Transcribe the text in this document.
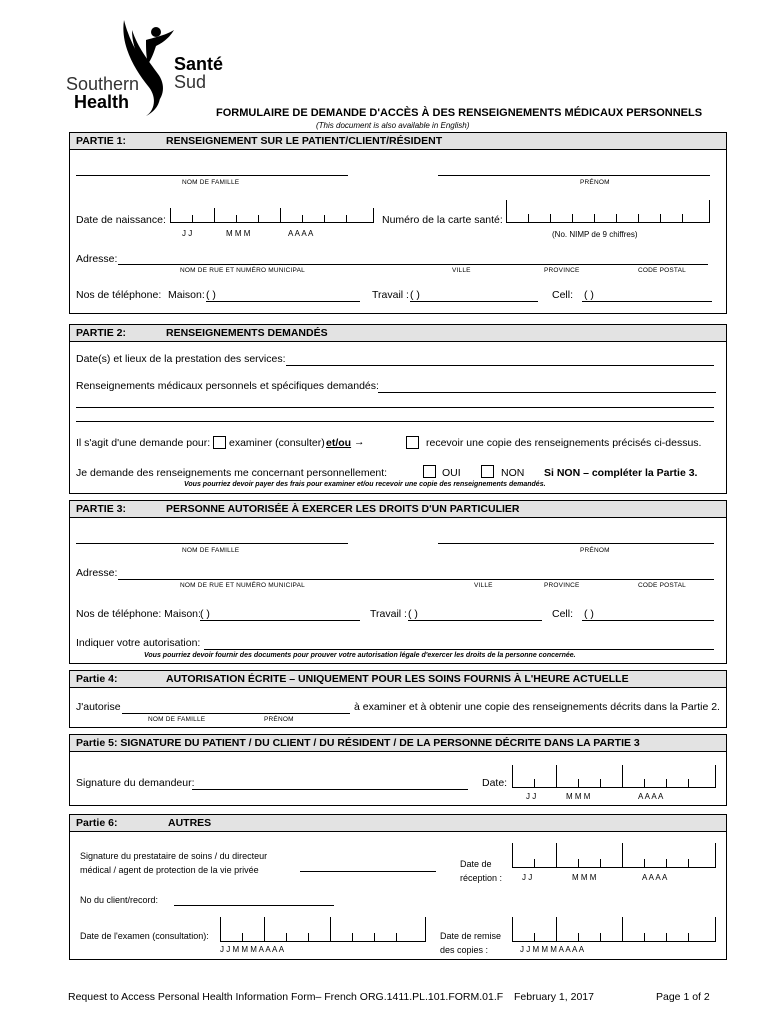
Southern
Health
Santé
Sud
FORMULAIRE DE DEMANDE D'ACCÈS À DES RENSEIGNEMENTS MÉDICAUX PERSONNELS
(This document is also available in English)
PARTIE 1:	RENSEIGNEMENT SUR LE PATIENT/CLIENT/RÉSIDENT
NOM DE FAMILLE	PRÉNOM
Date de naissance:
J J	M M M	A A A A
Numéro de la carte santé:
(No. NIMP de 9 chiffres)
Adresse:
NOM DE RUE ET NUMÉRO MUNICIPAL	VILLE	PROVINCE	CODE POSTAL
Nos de téléphone: Maison: ( )	Travail : ( )	Cell: ( )
PARTIE 2:	RENSEIGNEMENTS DEMANDÉS
Date(s) et lieux de la prestation des services:
Renseignements médicaux personnels et spécifiques demandés:
Il s'agit d'une demande pour: examiner (consulter) et/ou →	recevoir une copie des renseignements précisés ci-dessus.
Je demande des renseignements me concernant personnellement:	OUI	NON Si NON – compléter la Partie 3.
Vous pourriez devoir payer des frais pour examiner et/ou recevoir une copie des renseignements demandés.
PARTIE 3:	PERSONNE AUTORISÉE À EXERCER LES DROITS D'UN PARTICULIER
NOM DE FAMILLE	PRÉNOM
Adresse:
NOM DE RUE ET NUMÉRO MUNICIPAL	VILLE	PROVINCE	CODE POSTAL
Nos de téléphone: Maison: ( )	Travail : ( )	Cell: ( )
Indiquer votre autorisation:
Vous pourriez devoir fournir des documents pour prouver votre autorisation légale d'exercer les droits de la personne concernée.
Partie 4:	AUTORISATION ÉCRITE – UNIQUEMENT POUR LES SOINS FOURNIS À L'HEURE ACTUELLE
J'autorise
NOM DE FAMILLE	PRÉNOM
à examiner et à obtenir une copie des renseignements décrits dans la Partie 2.
Partie 5: SIGNATURE DU PATIENT / DU CLIENT / DU RÉSIDENT / DE LA PERSONNE DÉCRITE DANS LA PARTIE 3
Signature du demandeur:	Date:
J J	M M M	A A A A
Partie 6:	AUTRES
Signature du prestataire de soins / du directeur
médical / agent de protection de la vie privée
Date de
réception : J J	M M M	A A A A
No du client/record:
Date de l'examen (consultation):
J J M M M A A A A
Date de remise
des copies :	J J M M M A A A A
Request to Access Personal Health Information Form– French ORG.1411.PL.101.FORM.01.F February 1, 2017	Page 1 of 2
